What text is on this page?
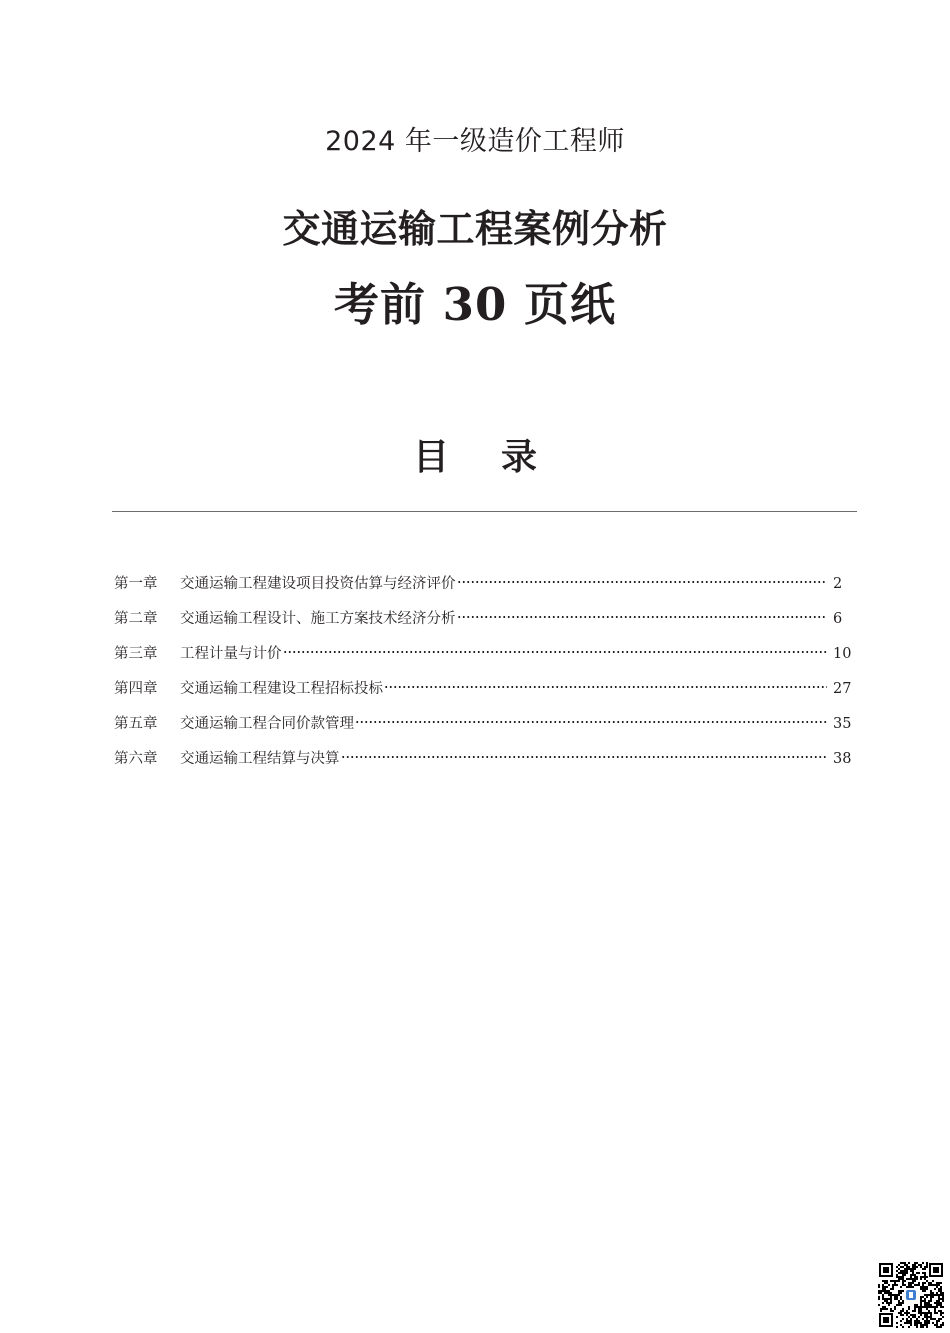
2024 年一级造价工程师
交通运输工程案例分析
考前 30 页纸
目 录
第一章	交通运输工程建设项目投资估算与经济评价	2
第二章	交通运输工程设计、施工方案技术经济分析	6
第三章	工程计量与计价	10
第四章	交通运输工程建设工程招标投标	27
第五章	交通运输工程合同价款管理	35
第六章	交通运输工程结算与决算	38
